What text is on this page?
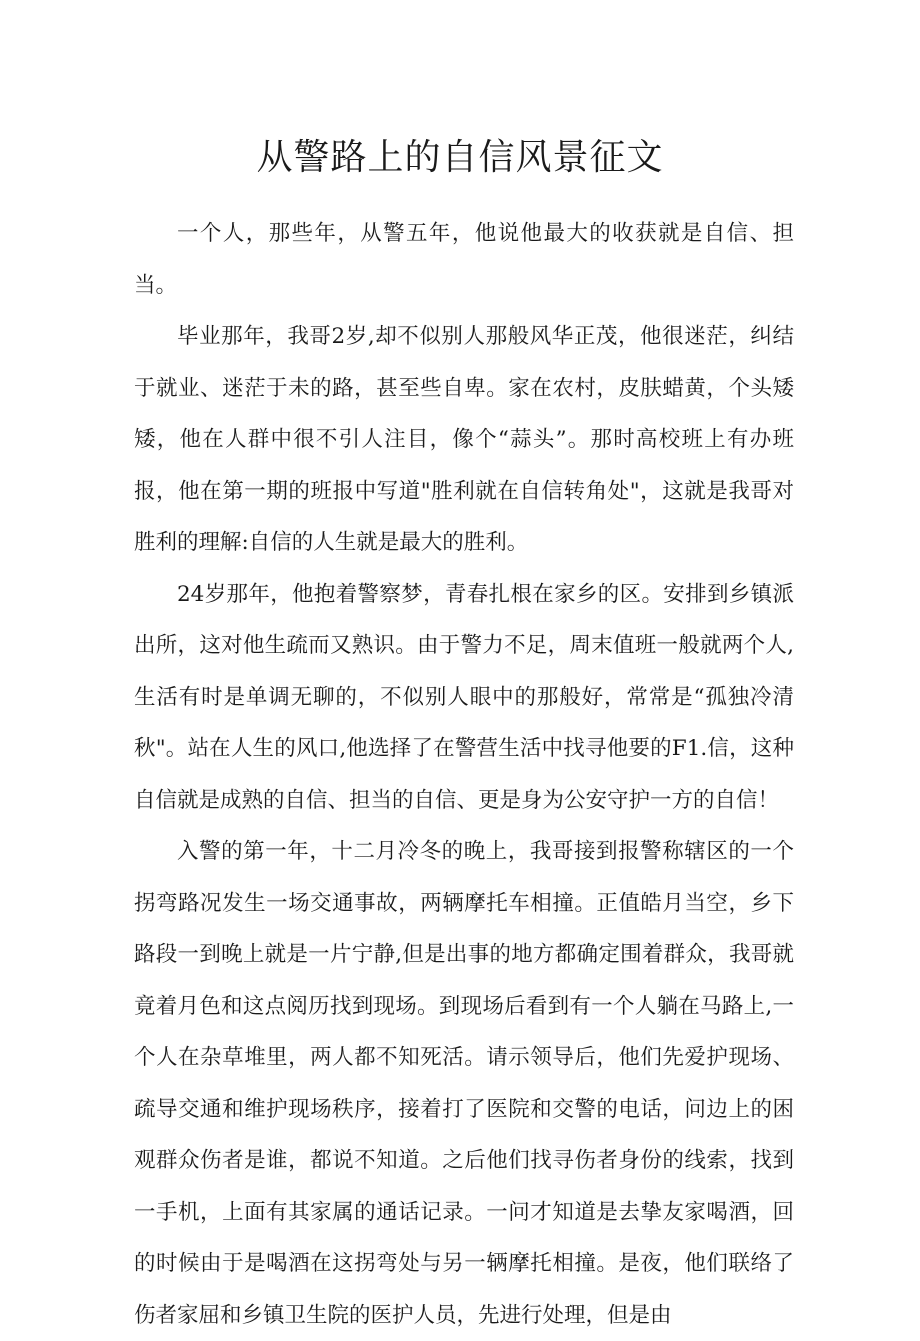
从警路上的自信风景征文

一个人，那些年，从警五年，他说他最大的收获就是自信、担当。

毕业那年，我哥2岁,却不似别人那般风华正茂，他很迷茫，纠结于就业、迷茫于未的路，甚至些自卑。家在农村，皮肤蜡黄，个头矮矮，他在人群中很不引人注目，像个“蒜头”。那时高校班上有办班报，他在第一期的班报中写道"胜利就在自信转角处"，这就是我哥对胜利的理解:自信的人生就是最大的胜利。

24岁那年，他抱着警察梦，青春扎根在家乡的区。安排到乡镇派出所，这对他生疏而又熟识。由于警力不足，周末值班一般就两个人,生活有时是单调无聊的，不似别人眼中的那般好，常常是“孤独冷清秋"。站在人生的风口,他选择了在警营生活中找寻他要的F1.信，这种自信就是成熟的自信、担当的自信、更是身为公安守护一方的自信！

入警的第一年，十二月冷冬的晚上，我哥接到报警称辖区的一个拐弯路况发生一场交通事故，两辆摩托车相撞。正值皓月当空，乡下路段一到晚上就是一片宁静,但是出事的地方都确定围着群众，我哥就竟着月色和这点阅历找到现场。到现场后看到有一个人躺在马路上,一个人在杂草堆里，两人都不知死活。请示领导后，他们先爱护现场、疏导交通和维护现场秩序，接着打了医院和交警的电话，问边上的困观群众伤者是谁，都说不知道。之后他们找寻伤者身份的线索，找到一手机，上面有其家属的通话记录。一问才知道是去挚友家喝酒，回的时候由于是喝酒在这拐弯处与另一辆摩托相撞。是夜，他们联络了伤者家屈和乡镇卫生院的医护人员，先进行处理，但是由
